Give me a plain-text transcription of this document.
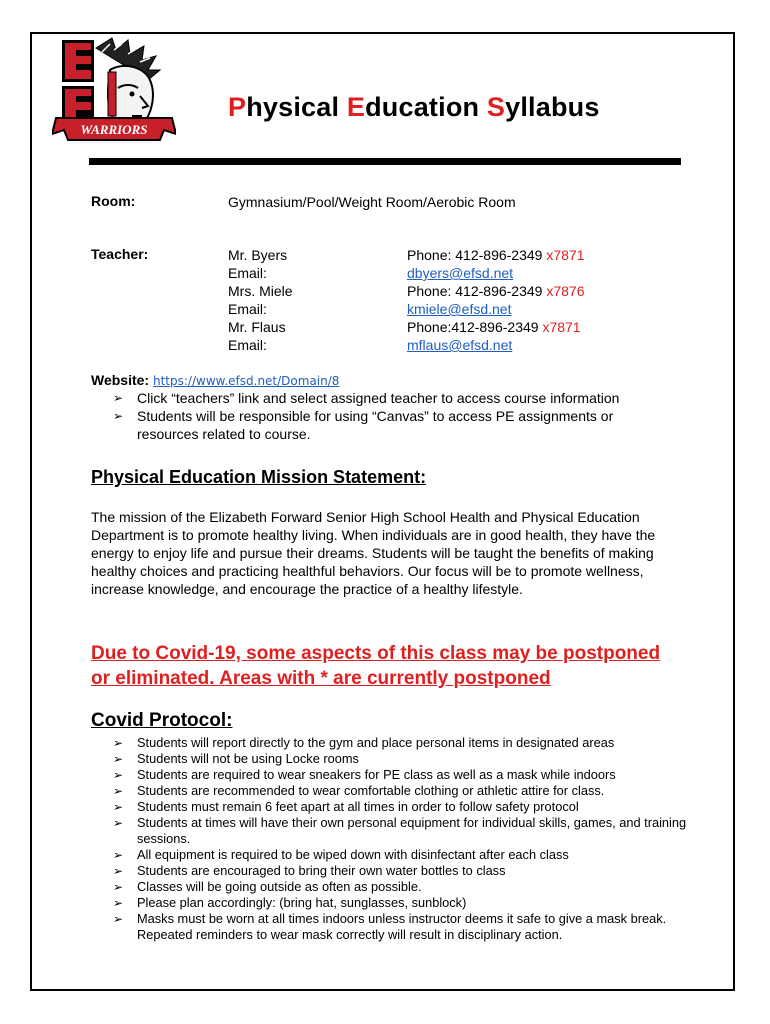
WARRIORS
Physical Education Syllabus
Room:	Gymnasium/Pool/Weight Room/Aerobic Room
Teacher:	Mr. Byers
Email:
Mrs. Miele
Email:
Mr. Flaus
Email:
Phone: 412-896-2349 x7871
dbyers@efsd.net
Phone: 412-896-2349 x7876
kmiele@efsd.net
Phone:412-896-2349 x7871
mflaus@efsd.net
Website: https://www.efsd.net/Domain/8
➢ Click “teachers” link and select assigned teacher to access course information
➢ Students will be responsible for using “Canvas” to access PE assignments or resources related to course.
Physical Education Mission Statement:
The mission of the Elizabeth Forward Senior High School Health and Physical Education Department is to promote healthy living. When individuals are in good health, they have the energy to enjoy life and pursue their dreams. Students will be taught the benefits of making healthy choices and practicing healthful behaviors. Our focus will be to promote wellness, increase knowledge, and encourage the practice of a healthy lifestyle.
Due to Covid-19, some aspects of this class may be postponed
or eliminated. Areas with * are currently postponed
Covid Protocol:
➢ Students will report directly to the gym and place personal items in designated areas
➢ Students will not be using Locke rooms
➢ Students are required to wear sneakers for PE class as well as a mask while indoors
➢ Students are recommended to wear comfortable clothing or athletic attire for class.
➢ Students must remain 6 feet apart at all times in order to follow safety protocol
➢ Students at times will have their own personal equipment for individual skills, games, and training sessions.
➢ All equipment is required to be wiped down with disinfectant after each class
➢ Students are encouraged to bring their own water bottles to class
➢ Classes will be going outside as often as possible.
➢ Please plan accordingly: (bring hat, sunglasses, sunblock)
➢ Masks must be worn at all times indoors unless instructor deems it safe to give a mask break. Repeated reminders to wear mask correctly will result in disciplinary action.
